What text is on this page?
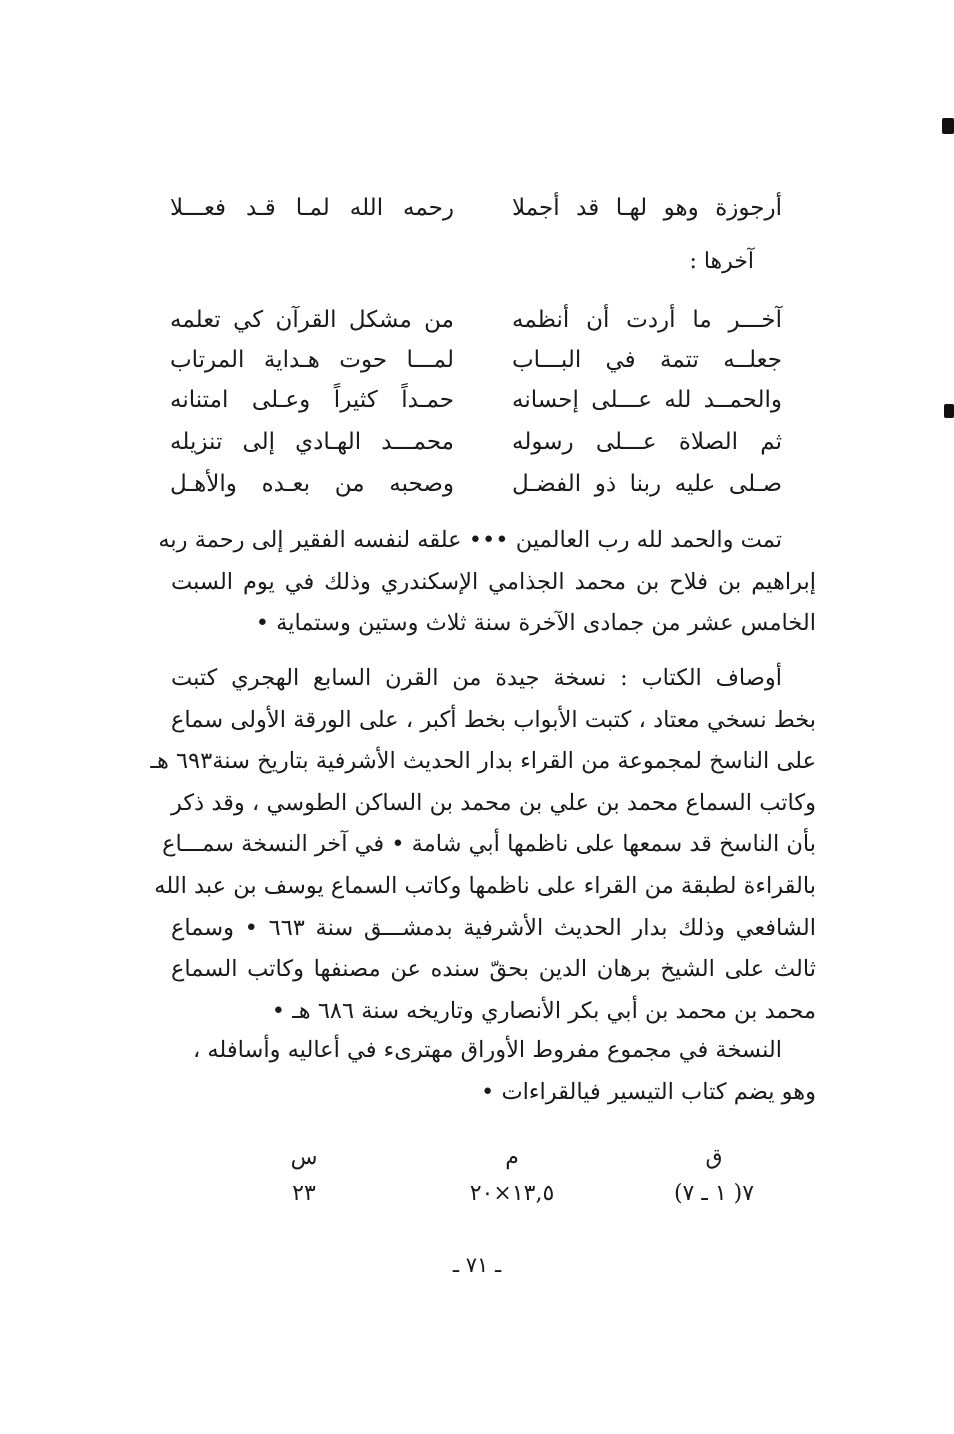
أرجوزة وهو لهـا قد أجملا
رحمه الله لمـا قـد فعـــلا
آخرها :
آخـــر ما أردت أن أنظمه
من مشكل القرآن كي تعلمه
جعلــه تتمة في البـــاب
لمـــا حوت هـداية المرتاب
والحمــد لله عـــلى إحسانه
حمـداً كثيراً وعـلى امتنانه
ثم الصلاة عـــلى رسوله
محمـــد الهـادي إلى تنزيله
صـلى عليه ربنا ذو الفضـل
وصحبه من بعـده والأهـل
تمت والحمد لله رب العالمين ••• علقه لنفسه الفقير إلى رحمة ربه
إبراهيم بن فلاح بن محمد الجذامي الإسكندري وذلك في يوم السبت
الخامس عشر من جمادى الآخرة سنة ثلاث وستين وستماية •
أوصاف الكتاب : نسخة جيدة من القرن السابع الهجري كتبت
بخط نسخي معتاد ، كتبت الأبواب بخط أكبر ، على الورقة الأولى سماع
على الناسخ لمجموعة من القراء بدار الحديث الأشرفية بتاريخ سنة٦٩٣ هـ
وكاتب السماع محمد بن علي بن محمد بن الساكن الطوسي ، وقد ذكر
بأن الناسخ قد سمعها على ناظمها أبي شامة • في آخر النسخة سمـــاع
بالقراءة لطبقة من القراء على ناظمها وكاتب السماع يوسف بن عبد الله
الشافعي وذلك بدار الحديث الأشرفية بدمشـــق سنة ٦٦٣ • وسماع
ثالث على الشيخ برهان الدين بحقّ سنده عن مصنفها وكاتب السماع
محمد بن محمد بن أبي بكر الأنصاري وتاريخه سنة ٦٨٦ هـ •
النسخة في مجموع مفروط الأوراق مهترىء في أعاليه وأسافله ،
وهو يضم كتاب التيسير فيالقراءات •
ق
٧( ١ ـ ٧)
م
١٣,٥×٢٠
س
٢٣
ـ ٧١ ـ
